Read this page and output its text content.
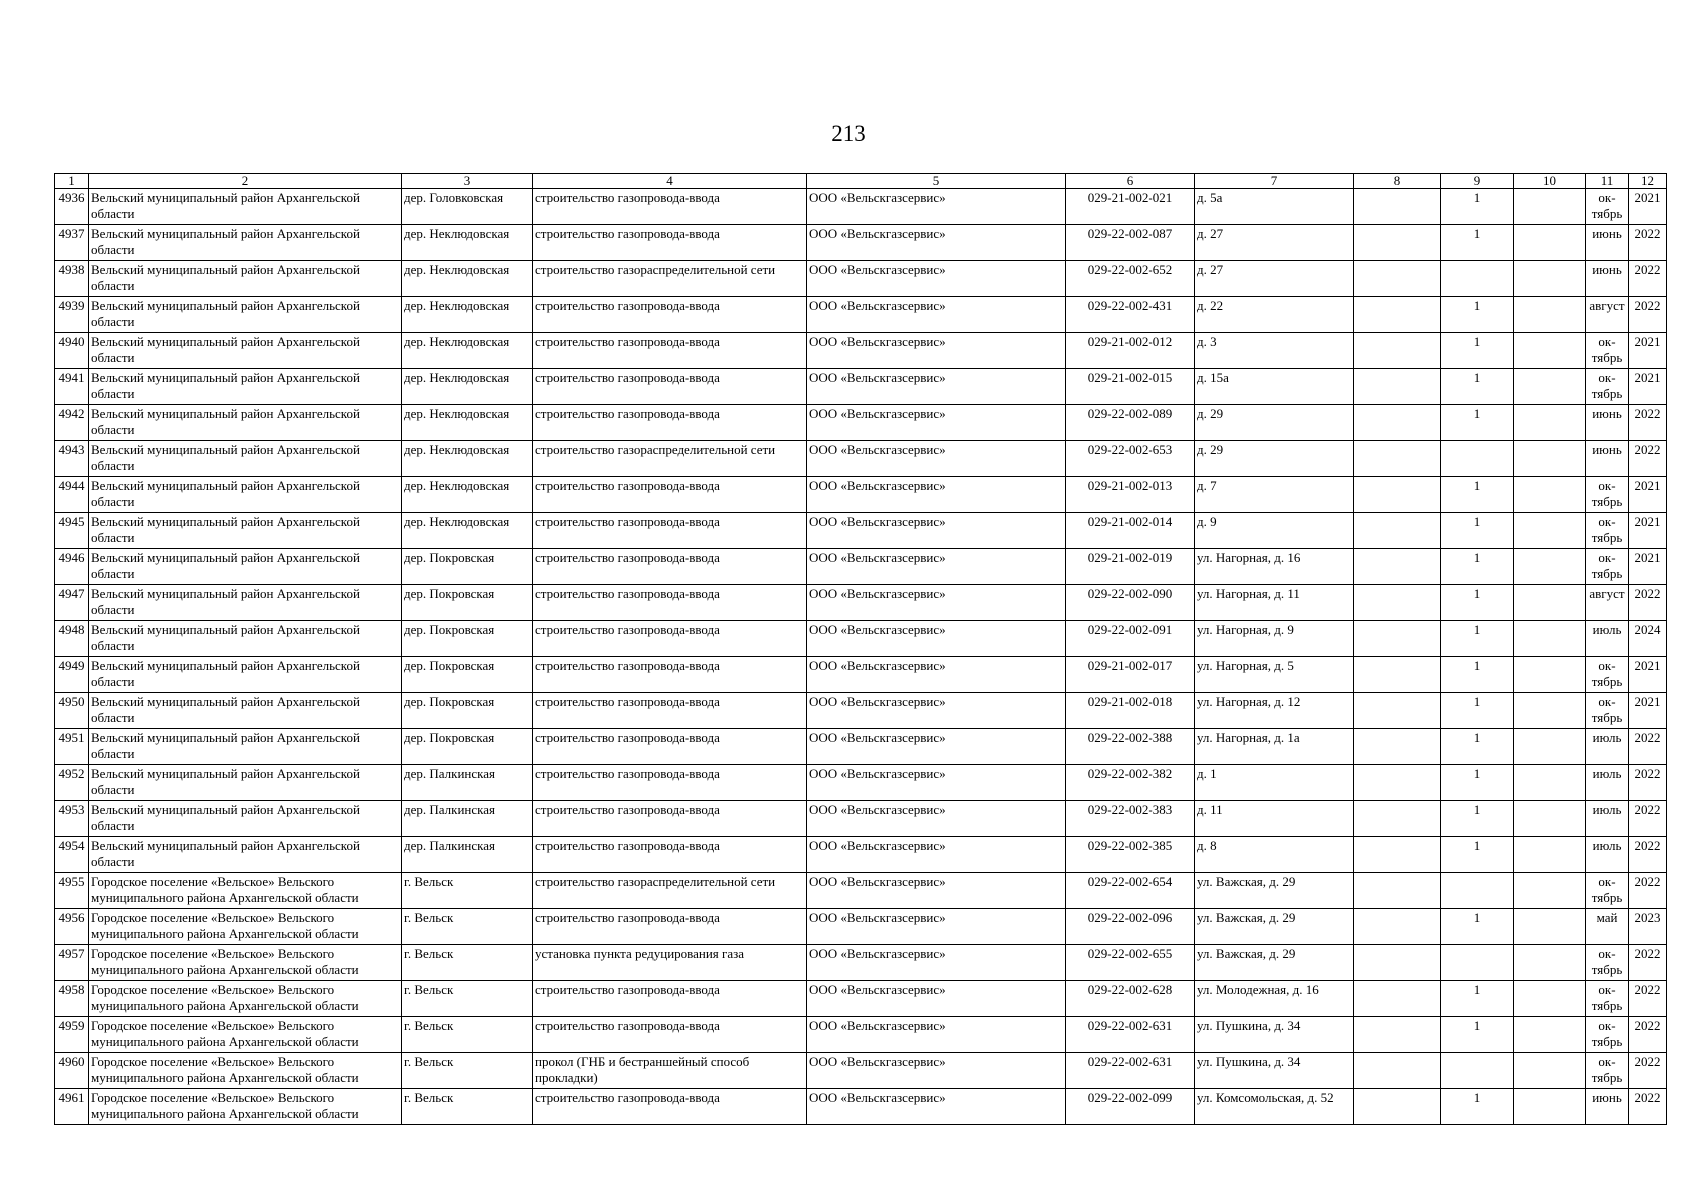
213
1	2	3	4	5	6	7	8	9	10	11	12
4936	Вельский муниципальный район Архангельской области	дер. Головковская	строительство газопровода-ввода	ООО «Вельскгазсервис»	029-21-002-021	д. 5а		1		ок-тябрь	2021
4937	Вельский муниципальный район Архангельской области	дер. Неклюдовская	строительство газопровода-ввода	ООО «Вельскгазсервис»	029-22-002-087	д. 27		1		июнь	2022
4938	Вельский муниципальный район Архангельской области	дер. Неклюдовская	строительство газораспределительной сети	ООО «Вельскгазсервис»	029-22-002-652	д. 27				июнь	2022
4939	Вельский муниципальный район Архангельской области	дер. Неклюдовская	строительство газопровода-ввода	ООО «Вельскгазсервис»	029-22-002-431	д. 22		1		август	2022
4940	Вельский муниципальный район Архангельской области	дер. Неклюдовская	строительство газопровода-ввода	ООО «Вельскгазсервис»	029-21-002-012	д. 3		1		ок-тябрь	2021
4941	Вельский муниципальный район Архангельской области	дер. Неклюдовская	строительство газопровода-ввода	ООО «Вельскгазсервис»	029-21-002-015	д. 15а		1		ок-тябрь	2021
4942	Вельский муниципальный район Архангельской области	дер. Неклюдовская	строительство газопровода-ввода	ООО «Вельскгазсервис»	029-22-002-089	д. 29		1		июнь	2022
4943	Вельский муниципальный район Архангельской области	дер. Неклюдовская	строительство газораспределительной сети	ООО «Вельскгазсервис»	029-22-002-653	д. 29				июнь	2022
4944	Вельский муниципальный район Архангельской области	дер. Неклюдовская	строительство газопровода-ввода	ООО «Вельскгазсервис»	029-21-002-013	д. 7		1		ок-тябрь	2021
4945	Вельский муниципальный район Архангельской области	дер. Неклюдовская	строительство газопровода-ввода	ООО «Вельскгазсервис»	029-21-002-014	д. 9		1		ок-тябрь	2021
4946	Вельский муниципальный район Архангельской области	дер. Покровская	строительство газопровода-ввода	ООО «Вельскгазсервис»	029-21-002-019	ул. Нагорная, д. 16		1		ок-тябрь	2021
4947	Вельский муниципальный район Архангельской области	дер. Покровская	строительство газопровода-ввода	ООО «Вельскгазсервис»	029-22-002-090	ул. Нагорная, д. 11		1		август	2022
4948	Вельский муниципальный район Архангельской области	дер. Покровская	строительство газопровода-ввода	ООО «Вельскгазсервис»	029-22-002-091	ул. Нагорная, д. 9		1		июль	2024
4949	Вельский муниципальный район Архангельской области	дер. Покровская	строительство газопровода-ввода	ООО «Вельскгазсервис»	029-21-002-017	ул. Нагорная, д. 5		1		ок-тябрь	2021
4950	Вельский муниципальный район Архангельской области	дер. Покровская	строительство газопровода-ввода	ООО «Вельскгазсервис»	029-21-002-018	ул. Нагорная, д. 12		1		ок-тябрь	2021
4951	Вельский муниципальный район Архангельской области	дер. Покровская	строительство газопровода-ввода	ООО «Вельскгазсервис»	029-22-002-388	ул. Нагорная, д. 1а		1		июль	2022
4952	Вельский муниципальный район Архангельской области	дер. Палкинская	строительство газопровода-ввода	ООО «Вельскгазсервис»	029-22-002-382	д. 1		1		июль	2022
4953	Вельский муниципальный район Архангельской области	дер. Палкинская	строительство газопровода-ввода	ООО «Вельскгазсервис»	029-22-002-383	д. 11		1		июль	2022
4954	Вельский муниципальный район Архангельской области	дер. Палкинская	строительство газопровода-ввода	ООО «Вельскгазсервис»	029-22-002-385	д. 8		1		июль	2022
4955	Городское поселение «Вельское» Вельского муниципального района Архангельской области	г. Вельск	строительство газораспределительной сети	ООО «Вельскгазсервис»	029-22-002-654	ул. Важская, д. 29				ок-тябрь	2022
4956	Городское поселение «Вельское» Вельского муниципального района Архангельской области	г. Вельск	строительство газопровода-ввода	ООО «Вельскгазсервис»	029-22-002-096	ул. Важская, д. 29		1		май	2023
4957	Городское поселение «Вельское» Вельского муниципального района Архангельской области	г. Вельск	установка пункта редуцирования газа	ООО «Вельскгазсервис»	029-22-002-655	ул. Важская, д. 29				ок-тябрь	2022
4958	Городское поселение «Вельское» Вельского муниципального района Архангельской области	г. Вельск	строительство газопровода-ввода	ООО «Вельскгазсервис»	029-22-002-628	ул. Молодежная, д. 16		1		ок-тябрь	2022
4959	Городское поселение «Вельское» Вельского муниципального района Архангельской области	г. Вельск	строительство газопровода-ввода	ООО «Вельскгазсервис»	029-22-002-631	ул. Пушкина, д. 34		1		ок-тябрь	2022
4960	Городское поселение «Вельское» Вельского муниципального района Архангельской области	г. Вельск	прокол (ГНБ и бестраншейный способ прокладки)	ООО «Вельскгазсервис»	029-22-002-631	ул. Пушкина, д. 34				ок-тябрь	2022
4961	Городское поселение «Вельское» Вельского муниципального района Архангельской области	г. Вельск	строительство газопровода-ввода	ООО «Вельскгазсервис»	029-22-002-099	ул. Комсомольская, д. 52		1		июнь	2022
